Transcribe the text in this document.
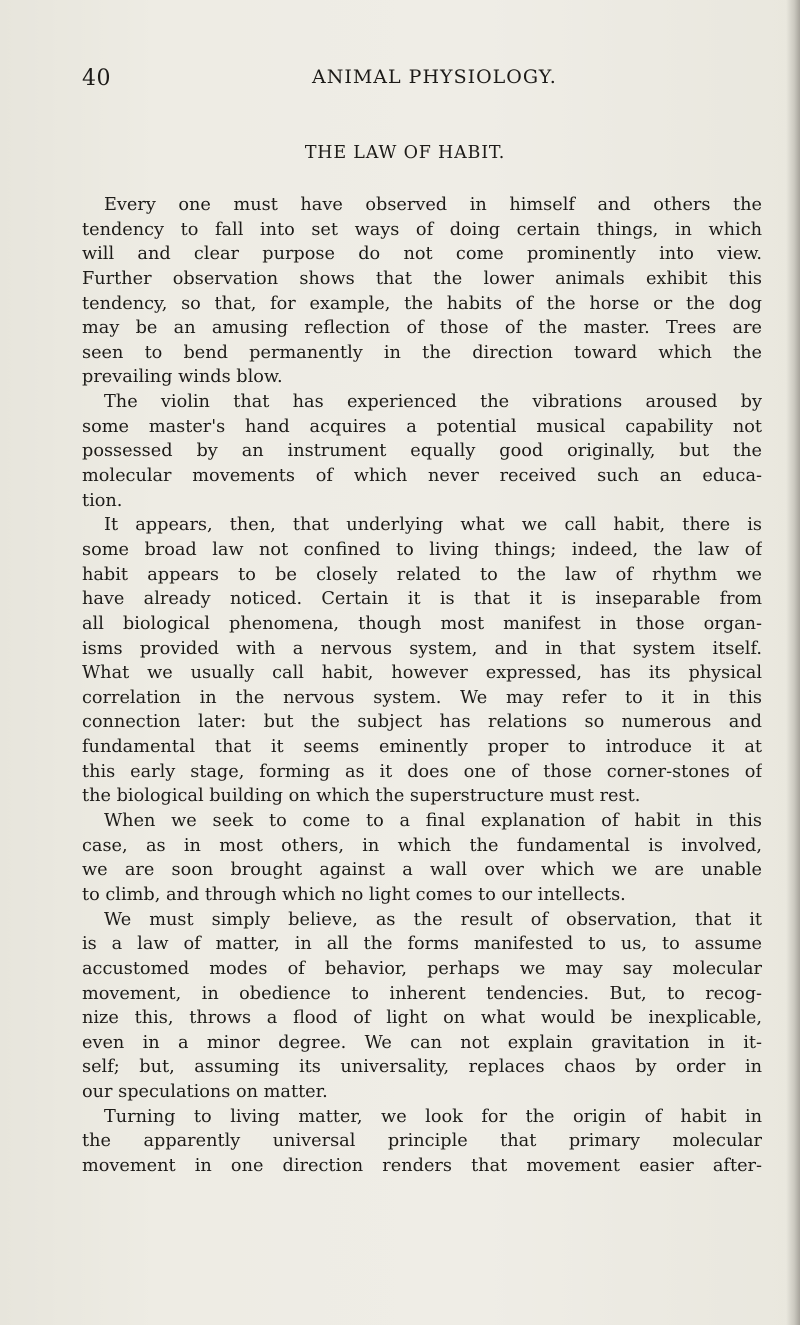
40	ANIMAL PHYSIOLOGY.
THE LAW OF HABIT.
Every one must have observed in himself and others the
tendency to fall into set ways of doing certain things, in which
will and clear purpose do not come prominently into view.
Further observation shows that the lower animals exhibit this
tendency, so that, for example, the habits of the horse or the dog
may be an amusing reflection of those of the master. Trees are
seen to bend permanently in the direction toward which the
prevailing winds blow.
The violin that has experienced the vibrations aroused by
some master's hand acquires a potential musical capability not
possessed by an instrument equally good originally, but the
molecular movements of which never received such an educa-
tion.
It appears, then, that underlying what we call habit, there is
some broad law not confined to living things; indeed, the law of
habit appears to be closely related to the law of rhythm we
have already noticed. Certain it is that it is inseparable from
all biological phenomena, though most manifest in those organ-
isms provided with a nervous system, and in that system itself.
What we usually call habit, however expressed, has its physical
correlation in the nervous system. We may refer to it in this
connection later: but the subject has relations so numerous and
fundamental that it seems eminently proper to introduce it at
this early stage, forming as it does one of those corner-stones of
the biological building on which the superstructure must rest.
When we seek to come to a final explanation of habit in this
case, as in most others, in which the fundamental is involved,
we are soon brought against a wall over which we are unable
to climb, and through which no light comes to our intellects.
We must simply believe, as the result of observation, that it
is a law of matter, in all the forms manifested to us, to assume
accustomed modes of behavior, perhaps we may say molecular
movement, in obedience to inherent tendencies. But, to recog-
nize this, throws a flood of light on what would be inexplicable,
even in a minor degree. We can not explain gravitation in it-
self; but, assuming its universality, replaces chaos by order in
our speculations on matter.
Turning to living matter, we look for the origin of habit in
the apparently universal principle that primary molecular
movement in one direction renders that movement easier after-
